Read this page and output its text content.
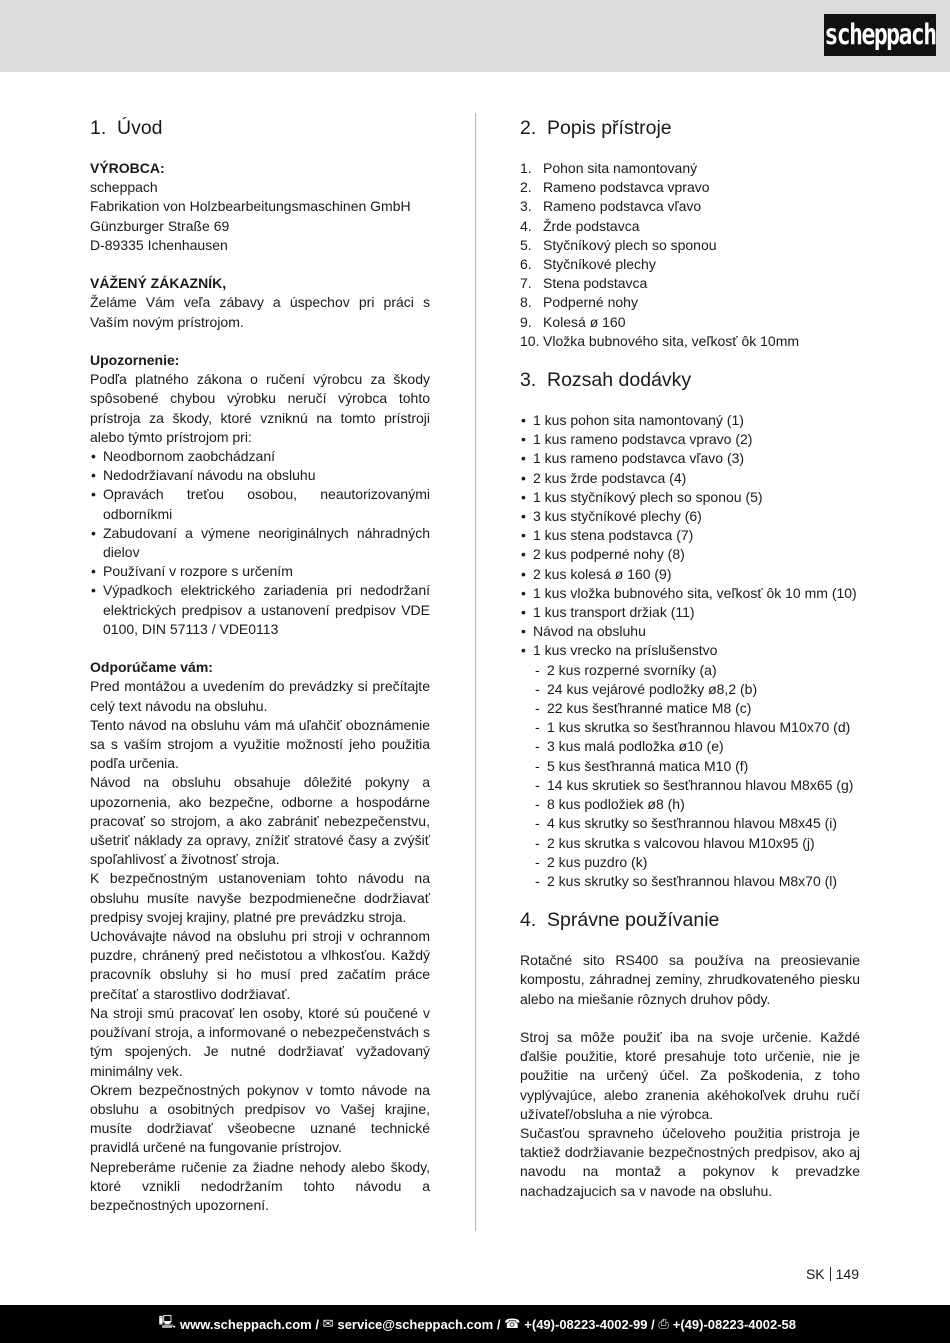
scheppach
1. Úvod
VÝROBCA:
scheppach
Fabrikation von Holzbearbeitungsmaschinen GmbH
Günzburger Straße 69
D-89335 Ichenhausen
VÁŽENÝ ZÁKAZNÍK,
Želáme Vám veľa zábavy a úspechov pri práci s Vaším novým prístrojom.
Upozornenie:
Podľa platného zákona o ručení výrobcu za škody spôsobené chybou výrobku neručí výrobca tohto prístroja za škody, ktoré vzniknú na tomto prístroji alebo týmto prístrojom pri:
• Neodbornom zaobchádzaní
• Nedodržiavaní návodu na obsluhu
• Opravách treťou osobou, neautorizovanými odborníkmi
• Zabudovaní a výmene neoriginálnych náhradných dielov
• Používaní v rozpore s určením
• Výpadkoch elektrického zariadenia pri nedodržaní elektrických predpisov a ustanovení predpisov VDE 0100, DIN 57113 / VDE0113
Odporúčame vám:
Pred montážou a uvedením do prevádzky si prečítajte celý text návodu na obsluhu.
Tento návod na obsluhu vám má uľahčiť oboznámenie sa s vaším strojom a využitie možností jeho použitia podľa určenia.
Návod na obsluhu obsahuje dôležité pokyny a upozornenia, ako bezpečne, odborne a hospodárne pracovať so strojom, a ako zabrániť nebezpečenstvu, ušetriť náklady za opravy, znížiť stratové časy a zvýšiť spoľahlivosť a životnosť stroja.
K bezpečnostným ustanoveniam tohto návodu na obsluhu musíte navyše bezpodmienečne dodržiavať predpisy svojej krajiny, platné pre prevádzku stroja.
Uchovávajte návod na obsluhu pri stroji v ochrannom puzdre, chránený pred nečistotou a vlhkosťou. Každý pracovník obsluhy si ho musí pred začatím práce prečítať a starostlivo dodržiavať.
Na stroji smú pracovať len osoby, ktoré sú poučené v používaní stroja, a informované o nebezpečenstvách s tým spojených. Je nutné dodržiavať vyžadovaný minimálny vek.
Okrem bezpečnostných pokynov v tomto návode na obsluhu a osobitných predpisov vo Vašej krajine, musíte dodržiavať všeobecne uznané technické pravidlá určené na fungovanie prístrojov.
Nepreberáme ručenie za žiadne nehody alebo škody, ktoré vznikli nedodržaním tohto návodu a bezpečnostných upozornení.
2. Popis přístroje
1. Pohon sita namontovaný
2. Rameno podstavca vpravo
3. Rameno podstavca vľavo
4. Žrde podstavca
5. Styčníkový plech so sponou
6. Styčníkové plechy
7. Stena podstavca
8. Podperné nohy
9. Kolesá ø 160
10. Vložka bubnového sita, veľkosť ôk 10mm
3. Rozsah dodávky
• 1 kus pohon sita namontovaný (1)
• 1 kus rameno podstavca vpravo (2)
• 1 kus rameno podstavca vľavo (3)
• 2 kus žrde podstavca (4)
• 1 kus styčníkový plech so sponou (5)
• 3 kus styčníkové plechy (6)
• 1 kus stena podstavca (7)
• 2 kus podperné nohy (8)
• 2 kus kolesá ø 160 (9)
• 1 kus vložka bubnového sita, veľkosť ôk 10 mm (10)
• 1 kus transport držiak (11)
• Návod na obsluhu
• 1 kus vrecko na príslušenstvo
- 2 kus rozperné svorníky (a)
- 24 kus vejárové podložky ø8,2 (b)
- 22 kus šesťhranné matice M8 (c)
- 1 kus skrutka so šesťhrannou hlavou M10x70 (d)
- 3 kus malá podložka ø10 (e)
- 5 kus šesťhranná matica M10 (f)
- 14 kus skrutiek so šesťhrannou hlavou M8x65 (g)
- 8 kus podložiek ø8 (h)
- 4 kus skrutky so šesťhrannou hlavou M8x45 (i)
- 2 kus skrutka s valcovou hlavou M10x95 (j)
- 2 kus puzdro (k)
- 2 kus skrutky so šesťhrannou hlavou M8x70 (l)
4. Správne používanie
Rotačné sito RS400 sa používa na preosievanie kompostu, záhradnej zeminy, zhrudkovateného piesku alebo na miešanie rôznych druhov pôdy.
Stroj sa môže použiť iba na svoje určenie. Každé ďalšie použitie, ktoré presahuje toto určenie, nie je použitie na určený účel. Za poškodenia, z toho vyplývajúce, alebo zranenia akéhokoľvek druhu ručí užívateľ/obsluha a nie výrobca.
Sučasťou spravneho účeloveho použitia pristroja je taktiež dodržiavanie bezpečnostných predpisov, ako aj navodu na montaž a pokynov k prevadzke nachadzajucich sa v navode na obsluhu.
SK 149
🖳 www.scheppach.com /
✉ service@scheppach.com /
☎ +(49)-08223-4002-99 /
⎙ +(49)-08223-4002-58
